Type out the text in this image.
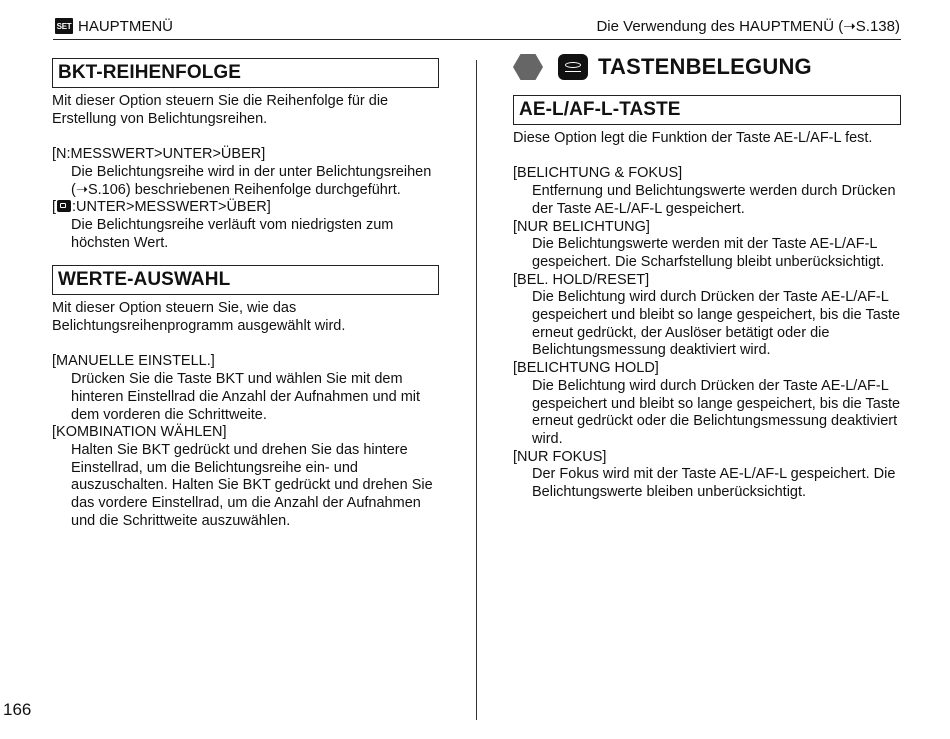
SET HAUPTMENÜ	Die Verwendung des HAUPTMENÜ (➝S.138)
BKT-REIHENFOLGE

Mit dieser Option steuern Sie die Reihenfolge für die Erstellung von Belichtungsreihen.

[N:MESSWERT>UNTER>ÜBER]

Die Belichtungsreihe wird in der unter Belichtungsreihen (➝S.106) beschriebenen Reihenfolge durchgeführt.

[ :UNTER>MESSWERT>ÜBER]

Die Belichtungsreihe verläuft vom niedrigsten zum höchsten Wert.

WERTE-AUSWAHL

Mit dieser Option steuern Sie, wie das Belichtungsreihenprogramm ausgewählt wird.

[MANUELLE EINSTELL.]

Drücken Sie die Taste BKT und wählen Sie mit dem hinteren Einstellrad die Anzahl der Aufnahmen und mit dem vorderen die Schrittweite.

[KOMBINATION WÄHLEN]

Halten Sie BKT gedrückt und drehen Sie das hintere Einstellrad, um die Belichtungsreihe ein- und auszuschalten. Halten Sie BKT gedrückt und drehen Sie das vordere Einstellrad, um die Anzahl der Aufnahmen und die Schrittweite auszuwählen.

TASTENBELEGUNG
AE-L/AF-L-TASTE

Diese Option legt die Funktion der Taste AE-L/AF-L fest.

[BELICHTUNG & FOKUS]

Entfernung und Belichtungswerte werden durch Drücken der Taste AE-L/AF-L gespeichert.

[NUR BELICHTUNG]

Die Belichtungswerte werden mit der Taste AE-L/AF-L gespeichert. Die Scharfstellung bleibt unberücksichtigt.

[BEL. HOLD/RESET]

Die Belichtung wird durch Drücken der Taste AE-L/AF-L gespeichert und bleibt so lange gespeichert, bis die Taste erneut gedrückt, der Auslöser betätigt oder die Belichtungsmessung deaktiviert wird.

[BELICHTUNG HOLD]

Die Belichtung wird durch Drücken der Taste AE-L/AF-L gespeichert und bleibt so lange gespeichert, bis die Taste erneut gedrückt oder die Belichtungsmessung deaktiviert wird.

[NUR FOKUS]

Der Fokus wird mit der Taste AE-L/AF-L gespeichert. Die Belichtungswerte bleiben unberücksichtigt.

166
